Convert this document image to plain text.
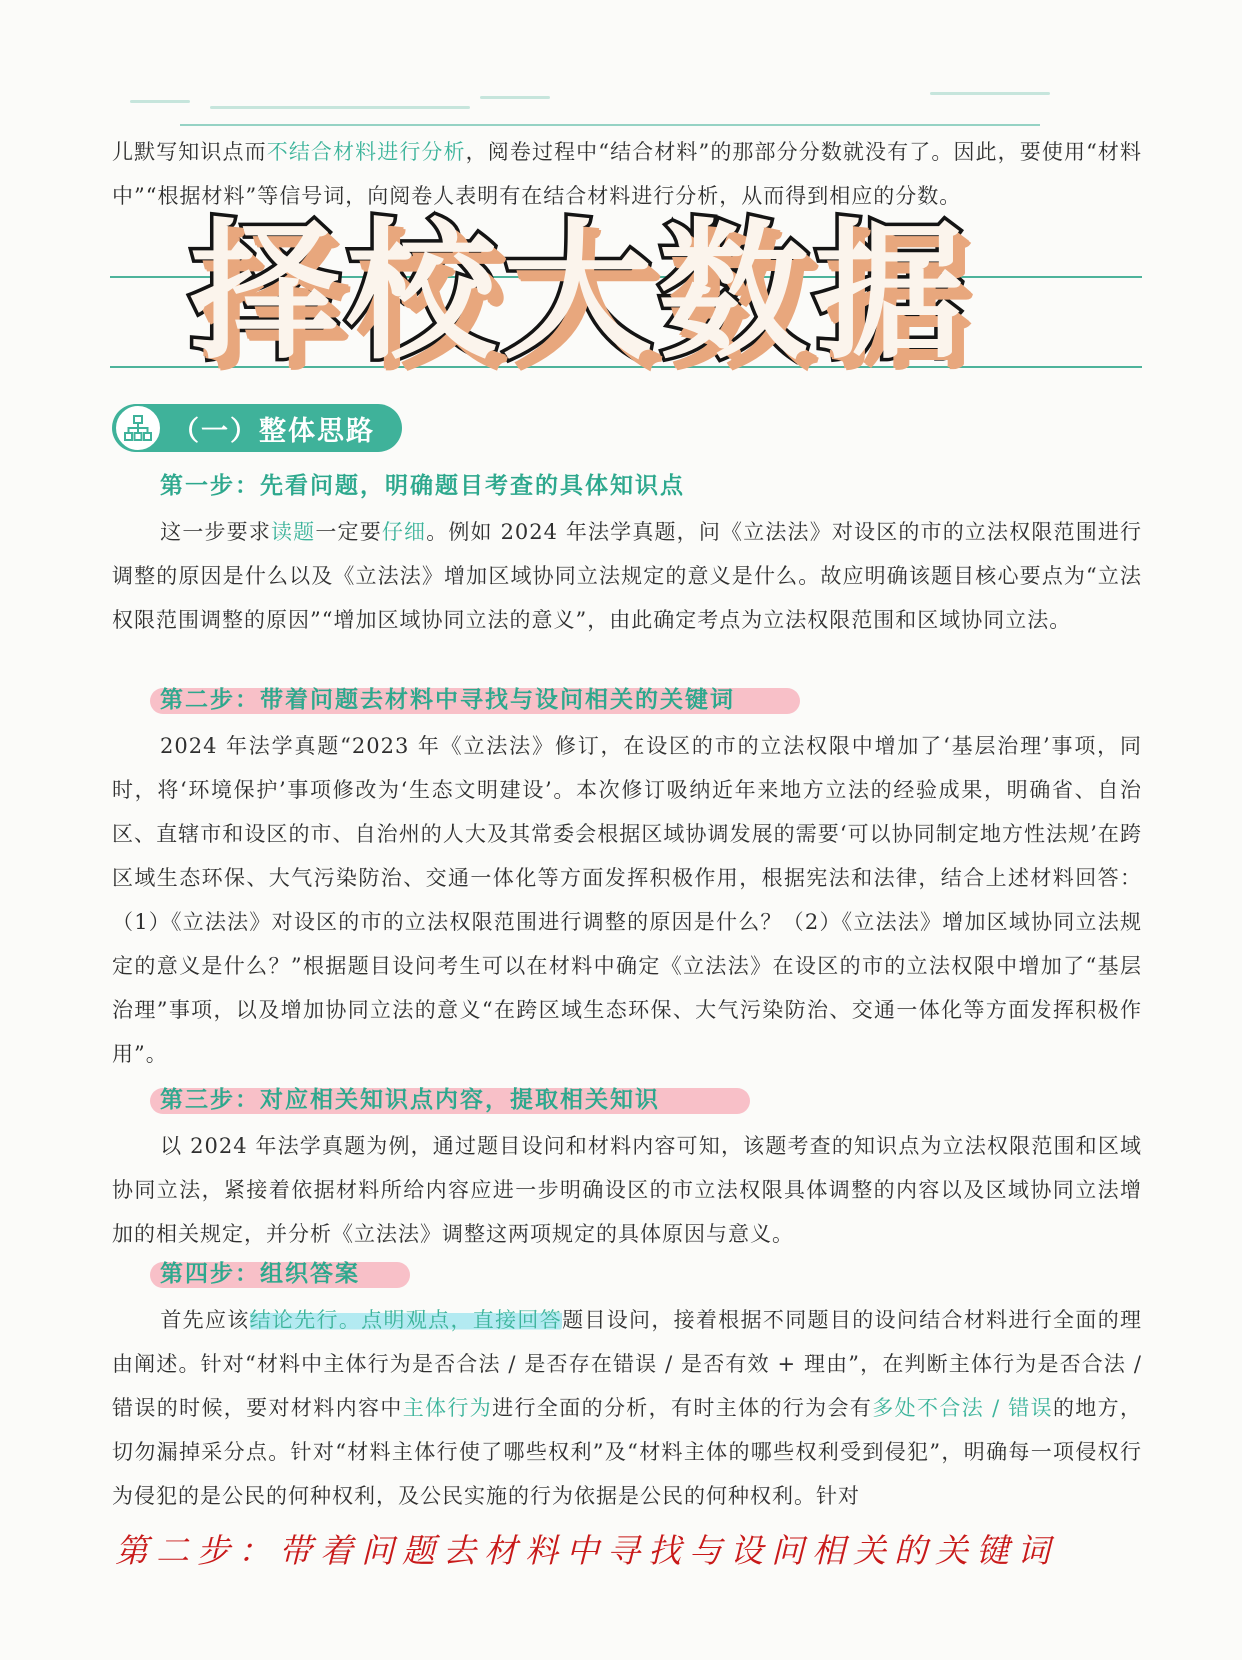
儿默写知识点而不结合材料进行分析，阅卷过程中“结合材料”的那部分分数就没有了。因此，要使用“材料中”“根据材料”等信号词，向阅卷人表明有在结合材料进行分析，从而得到相应的分数。

择校大数据
（一）整体思路
第一步：先看问题，明确题目考查的具体知识点

这一步要求读题一定要仔细。例如 2024 年法学真题，问《立法法》对设区的市的立法权限范围进行调整的原因是什么以及《立法法》增加区域协同立法规定的意义是什么。故应明确该题目核心要点为“立法权限范围调整的原因”“增加区域协同立法的意义”，由此确定考点为立法权限范围和区域协同立法。

第二步：带着问题去材料中寻找与设问相关的关键词

2024 年法学真题“2023 年《立法法》修订，在设区的市的立法权限中增加了‘基层治理’事项，同时，将‘环境保护’事项修改为‘生态文明建设’。本次修订吸纳近年来地方立法的经验成果，明确省、自治区、直辖市和设区的市、自治州的人大及其常委会根据区域协调发展的需要‘可以协同制定地方性法规’在跨区域生态环保、大气污染防治、交通一体化等方面发挥积极作用，根据宪法和法律，结合上述材料回答：（1）《立法法》对设区的市的立法权限范围进行调整的原因是什么？（2）《立法法》增加区域协同立法规定的意义是什么？”根据题目设问考生可以在材料中确定《立法法》在设区的市的立法权限中增加了“基层治理”事项，以及增加协同立法的意义“在跨区域生态环保、大气污染防治、交通一体化等方面发挥积极作用”。

第三步：对应相关知识点内容，提取相关知识

以 2024 年法学真题为例，通过题目设问和材料内容可知，该题考查的知识点为立法权限范围和区域协同立法，紧接着依据材料所给内容应进一步明确设区的市立法权限具体调整的内容以及区域协同立法增加的相关规定，并分析《立法法》调整这两项规定的具体原因与意义。

第四步：组织答案

首先应该结论先行。点明观点，直接回答题目设问，接着根据不同题目的设问结合材料进行全面的理由阐述。针对“材料中主体行为是否合法 / 是否存在错误 / 是否有效 + 理由”，在判断主体行为是否合法 / 错误的时候，要对材料内容中主体行为进行全面的分析，有时主体的行为会有多处不合法 / 错误的地方，切勿漏掉采分点。针对“材料主体行使了哪些权利”及“材料主体的哪些权利受到侵犯”，明确每一项侵权行为侵犯的是公民的何种权利，及公民实施的行为依据是公民的何种权利。针对

第二步：带着问题去材料中寻找与设问相关的关键词
